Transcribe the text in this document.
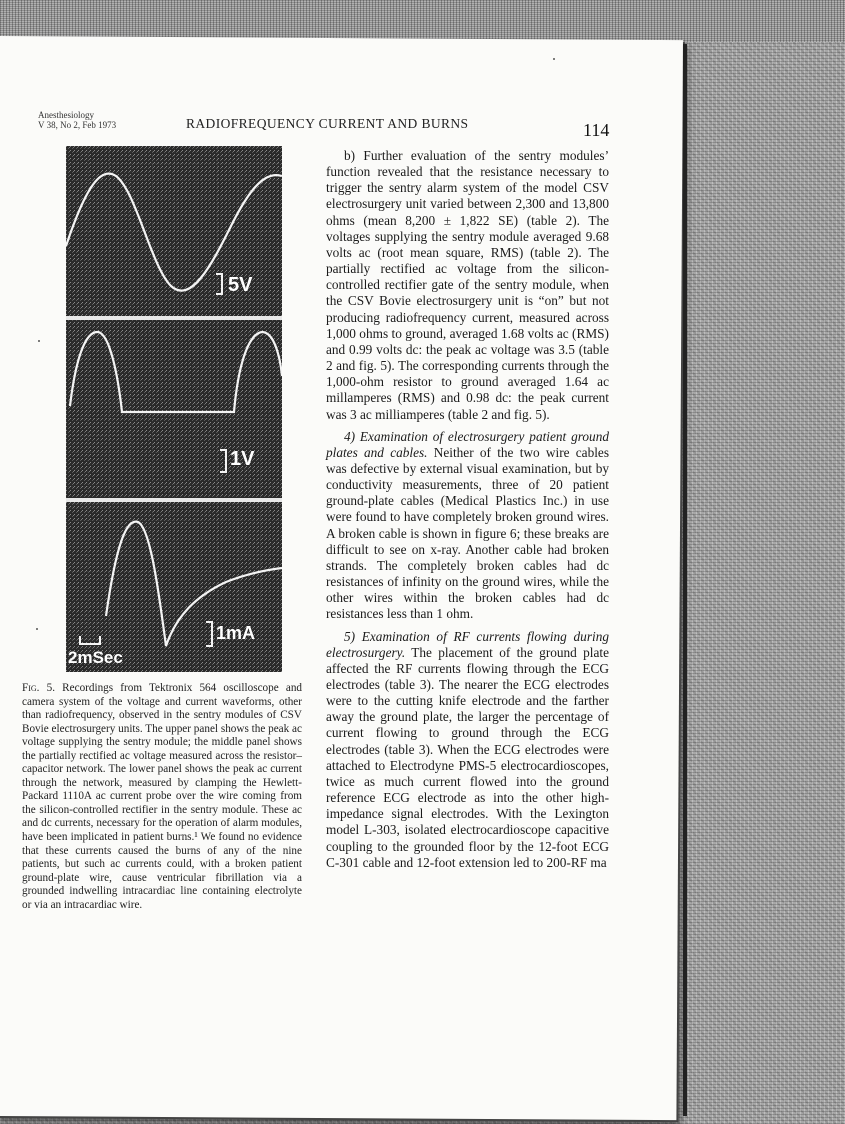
Anesthesiology
V 38, No 2, Feb 1973	RADIOFREQUENCY CURRENT AND BURNS	114
5V
1V
1mA
2mSec
Fig. 5. Recordings from Tektronix 564 oscilloscope and camera system of the voltage and current waveforms, other than radiofrequency, observed in the sentry modules of CSV Bovie electrosurgery units. The upper panel shows the peak ac voltage supplying the sentry module; the middle panel shows the partially rectified ac voltage measured across the resistor–capacitor network. The lower panel shows the peak ac current through the network, measured by clamping the Hewlett-Packard 1110A ac current probe over the wire coming from the silicon-controlled rectifier in the sentry module. These ac and dc currents, necessary for the operation of alarm modules, have been implicated in patient burns.¹ We found no evidence that these currents caused the burns of any of the nine patients, but such ac currents could, with a broken patient ground-plate wire, cause ventricular fibrillation via a grounded indwelling intracardiac line containing electrolyte or via an intracardiac wire.

b) Further evaluation of the sentry modules’ function revealed that the resistance necessary to trigger the sentry alarm system of the model CSV electrosurgery unit varied between 2,300 and 13,800 ohms (mean 8,200 ± 1,822 SE) (table 2). The voltages supplying the sentry module averaged 9.68 volts ac (root mean square, RMS) (table 2). The partially rectified ac voltage from the silicon-controlled rectifier gate of the sentry module, when the CSV Bovie electrosurgery unit is “on” but not producing radiofrequency current, measured across 1,000 ohms to ground, averaged 1.68 volts ac (RMS) and 0.99 volts dc: the peak ac voltage was 3.5 (table 2 and fig. 5). The corresponding currents through the 1,000-ohm resistor to ground averaged 1.64 ac millamperes (RMS) and 0.98 dc: the peak current was 3 ac milliamperes (table 2 and fig. 5).

4) Examination of electrosurgery patient ground plates and cables. Neither of the two wire cables was defective by external visual examination, but by conductivity measurements, three of 20 patient ground-plate cables (Medical Plastics Inc.) in use were found to have completely broken ground wires. A broken cable is shown in figure 6; these breaks are difficult to see on x-ray. Another cable had broken strands. The completely broken cables had dc resistances of infinity on the ground wires, while the other wires within the broken cables had dc resistances less than 1 ohm.

5) Examination of RF currents flowing during electrosurgery. The placement of the ground plate affected the RF currents flowing through the ECG electrodes (table 3). The nearer the ECG electrodes were to the cutting knife electrode and the farther away the ground plate, the larger the percentage of current flowing to ground through the ECG electrodes (table 3). When the ECG electrodes were attached to Electrodyne PMS-5 electrocardioscopes, twice as much current flowed into the ground reference ECG electrode as into the other high-impedance signal electrodes. With the Lexington model L-303, isolated electrocardioscope capacitive coupling to the grounded floor by the 12-foot ECG C-301 cable and 12-foot extension led to 200-RF ma
